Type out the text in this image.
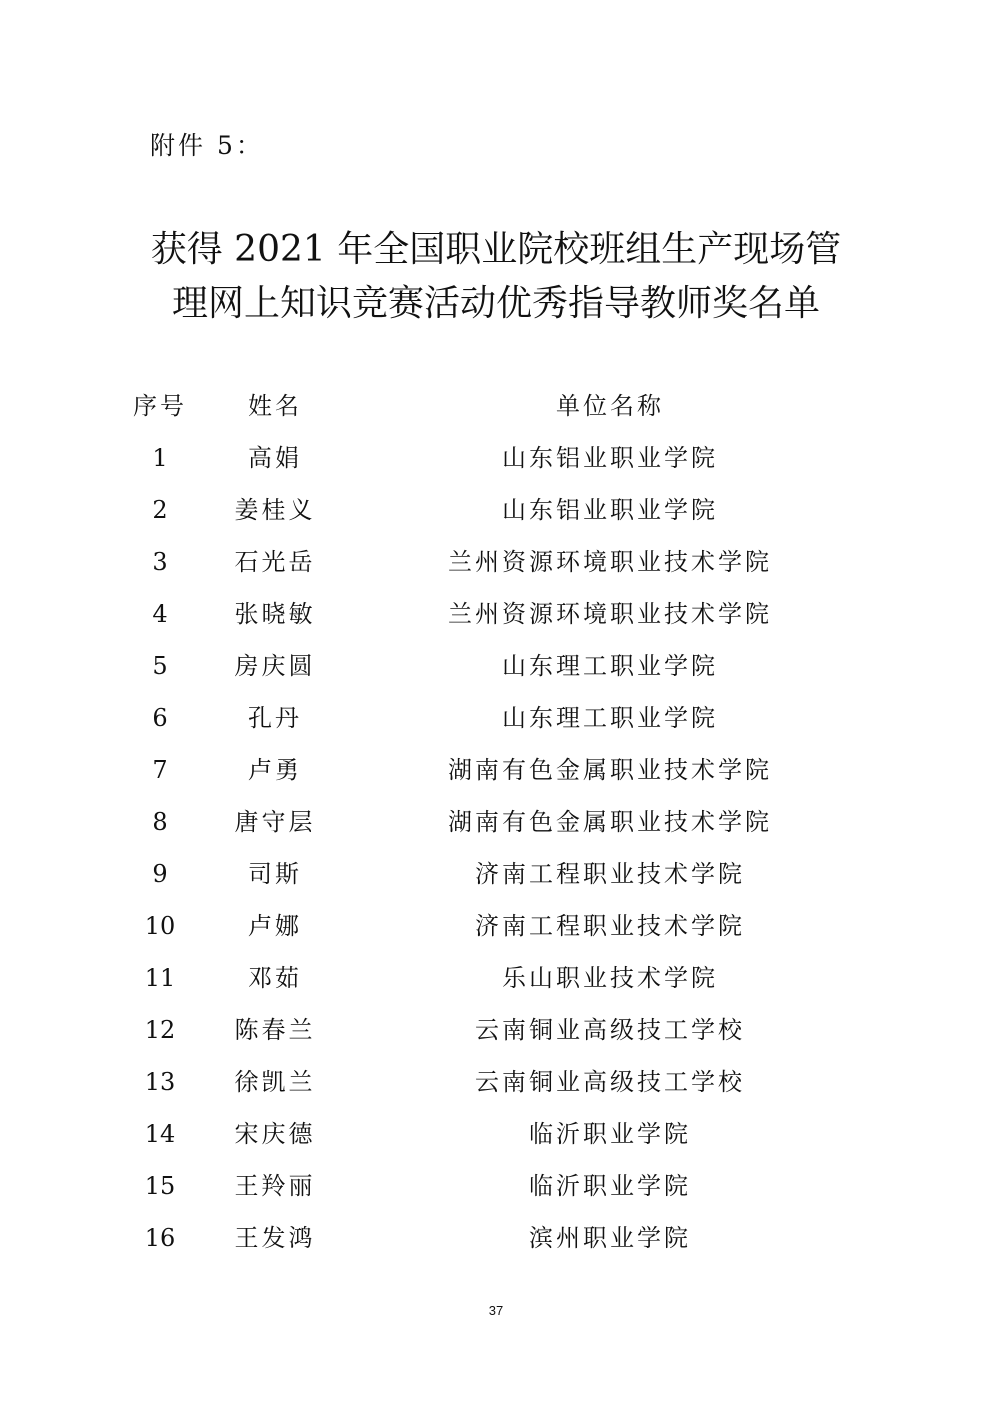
附件 5：
获得 2021 年全国职业院校班组生产现场管
理网上知识竞赛活动优秀指导教师奖名单
序号	姓名	单位名称
1	高娟	山东铝业职业学院
2	姜桂义	山东铝业职业学院
3	石光岳	兰州资源环境职业技术学院
4	张晓敏	兰州资源环境职业技术学院
5	房庆圆	山东理工职业学院
6	孔丹	山东理工职业学院
7	卢勇	湖南有色金属职业技术学院
8	唐守层	湖南有色金属职业技术学院
9	司斯	济南工程职业技术学院
10	卢娜	济南工程职业技术学院
11	邓茹	乐山职业技术学院
12	陈春兰	云南铜业高级技工学校
13	徐凯兰	云南铜业高级技工学校
14	宋庆德	临沂职业学院
15	王羚丽	临沂职业学院
16	王发鸿	滨州职业学院
37
